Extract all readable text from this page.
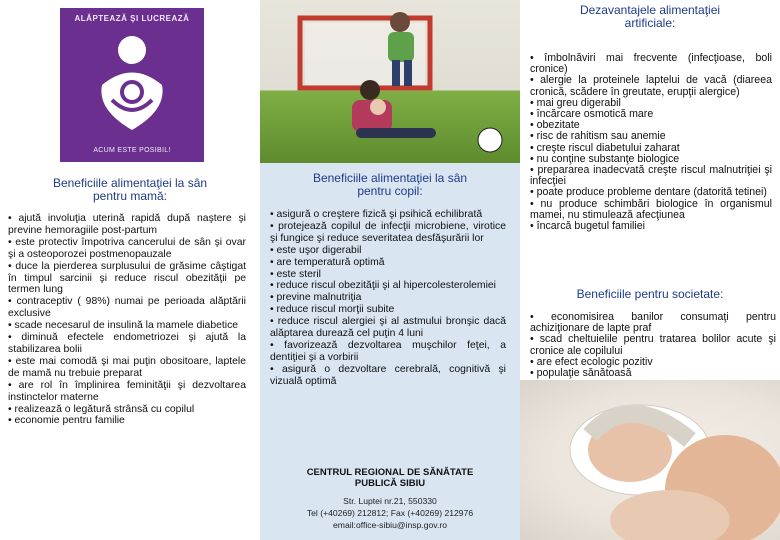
ALĂPTEAZĂ ŞI LUCREAZĂ
ACUM ESTE POSIBIL!
Beneficiile alimentaţiei la sân
pentru mamă:
• ajută involuţia uterină rapidă după naştere şi previne hemoragiile post-partum
• este protectiv împotriva cancerului de sân şi ovar şi a osteoporozei postmenopauzale
• duce la pierderea surplusului de grăsime câştigat în timpul sarcinii şi reduce riscul obezităţii pe termen lung
• contraceptiv ( 98%) numai pe perioada alăptării exclusive
• scade necesarul de insulină la mamele diabetice
• diminuă efectele endometriozei şi ajută la stabilizarea bolii
• este mai comodă şi mai puţin obositoare, laptele de mamă nu trebuie preparat
• are rol în împlinirea feminităţii şi dezvoltarea instinctelor materne
• realizează o legătură strânsă cu copilul
• economie pentru familie
Beneficiile alimentaţiei la sân
pentru copil:
• asigură o creştere fizică şi psihică echilibrată
• protejează copilul de infecţii microbiene, virotice şi fungice şi reduce severitatea desfăşurării lor
• este uşor digerabil
• are temperatură optimă
• este steril
• reduce riscul obezităţii şi al hipercolesterolemiei
• previne malnutriţia
• reduce riscul morţii subite
• reduce riscul alergiei şi al astmului bronşic dacă alăptarea durează cel puţin 4 luni
• favorizează dezvoltarea muşchilor feţei, a dentiţiei şi a vorbirii
• asigură o dezvoltare cerebrală, cognitivă şi vizuală optimă
CENTRUL REGIONAL DE SĂNĂTATE
PUBLICĂ SIBIU
Str. Luptei nr.21, 550330
Tel (+40269) 212812; Fax (+40269) 212976
email:office-sibiu@insp.gov.ro
Dezavantajele alimentaţiei
artificiale:
• îmbolnăviri mai frecvente (infecţioase, boli cronice)
• alergie la proteinele laptelui de vacă (diareea cronică, scădere în greutate, erupţii alergice)
• mai greu digerabil
• încărcare osmotică mare
• obezitate
• risc de rahitism sau anemie
• creşte riscul diabetului zaharat
• nu conţine substanţe biologice
• prepararea inadecvată creşte riscul malnutriţiei şi infecţiei
• poate produce probleme dentare (datorită tetinei)
• nu produce schimbări biologice în organismul mamei, nu stimulează afecţiunea
• încarcă bugetul familiei
Beneficiile pentru societate:
• economisirea banilor consumaţi pentru achiziţionare de lapte praf
• scad cheltuielile pentru tratarea bolilor acute şi cronice ale copilului
• are efect ecologic pozitiv
• populaţie sănătoasă
